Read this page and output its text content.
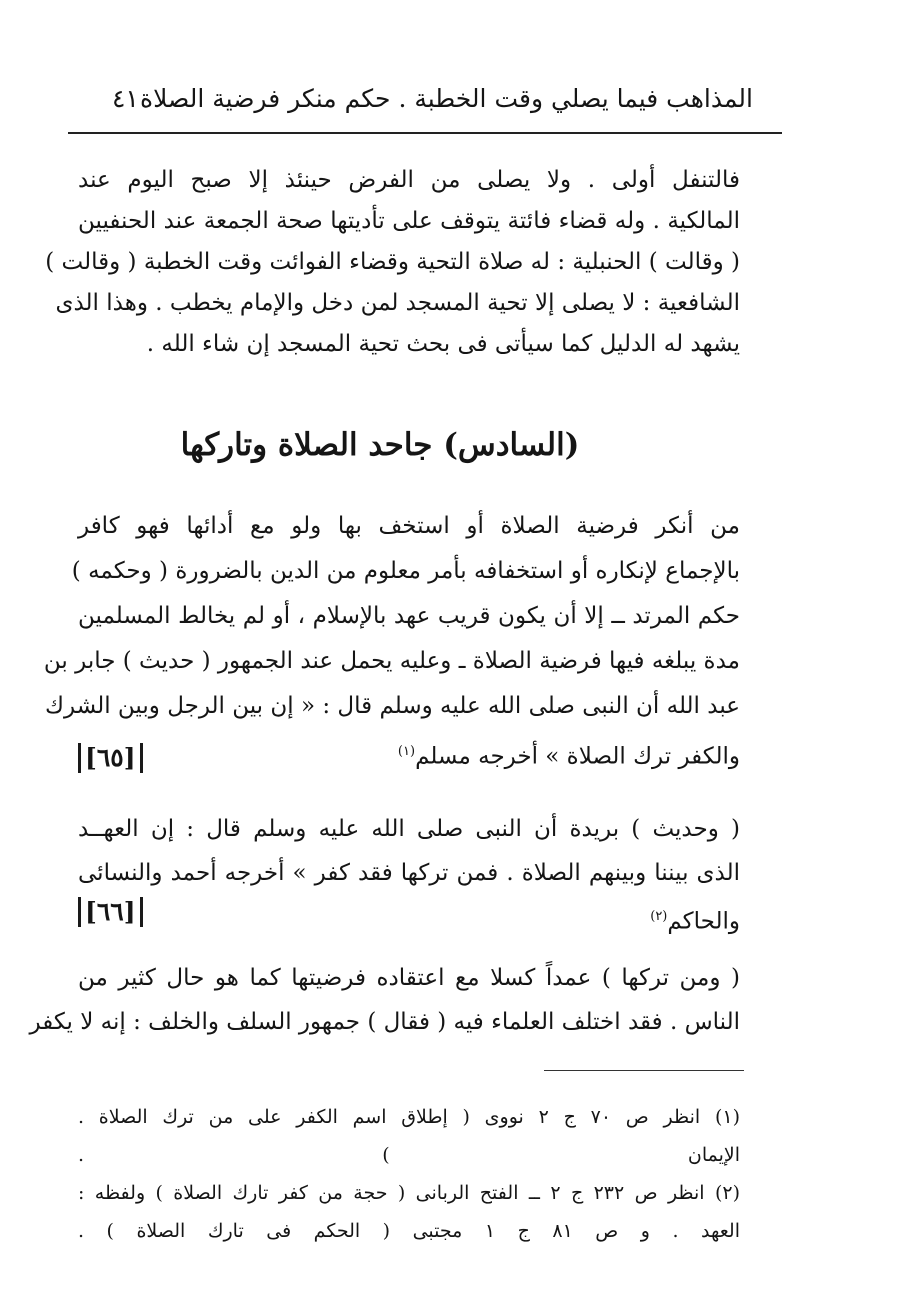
المذاهب فيما يصلي وقت الخطبة . حكم منكر فرضية الصلاة
٤١
فالتنفل أولى . ولا يصلى من الفرض حينئذ إلا صبح اليوم عند
المالكية . وله قضاء فائتة يتوقف على تأديتها صحة الجمعة عند الحنفيين
( وقالت ) الحنبلية : له صلاة التحية وقضاء الفوائت وقت الخطبة ( وقالت )
الشافعية : لا يصلى إلا تحية المسجد لمن دخل والإمام يخطب . وهذا الذى
يشهد له الدليل كما سيأتى فى بحث تحية المسجد إن شاء الله .
(السادس) جاحد الصلاة وتاركها
من أنكر فرضية الصلاة أو استخف بها ولو مع أدائها فهو كافر
بالإجماع لإنكاره أو استخفافه بأمر معلوم من الدين بالضرورة ( وحكمه )
حكم المرتد ــ إلا أن يكون قريب عهد بالإسلام ، أو لم يخالط المسلمين
مدة يبلغه فيها فرضية الصلاة ـ وعليه يحمل عند الجمهور ( حديث ) جابر بن
عبد الله أن النبى صلى الله عليه وسلم قال : « إن بين الرجل وبين الشرك
والكفر ترك الصلاة » أخرجه مسلم$^{(١)}$
[٦٥]
( وحديث ) بريدة أن النبى صلى الله عليه وسلم قال : إن العهــد
الذى بيننا وبينهم الصلاة . فمن تركها فقد كفر » أخرجه أحمد والنسائى
والحاكم$^{(٢)}$
[٦٦]
( ومن تركها ) عمداً كسلا مع اعتقاده فرضيتها كما هو حال كثير من
الناس . فقد اختلف العلماء فيه ( فقال ) جمهور السلف والخلف : إنه لا يكفر
(١) انظر ص ٧٠ ج ٢ نووى ( إطلاق اسم الكفر على من ترك الصلاة .
الإيمان ) .
(٢) انظر ص ٢٣٢ ج ٢ ــ الفتح الربانى ( حجة من كفر تارك الصلاة ) ولفظه :
العهد . و ص ٨١ ج ١ مجتبى ( الحكم فى تارك الصلاة ) .
